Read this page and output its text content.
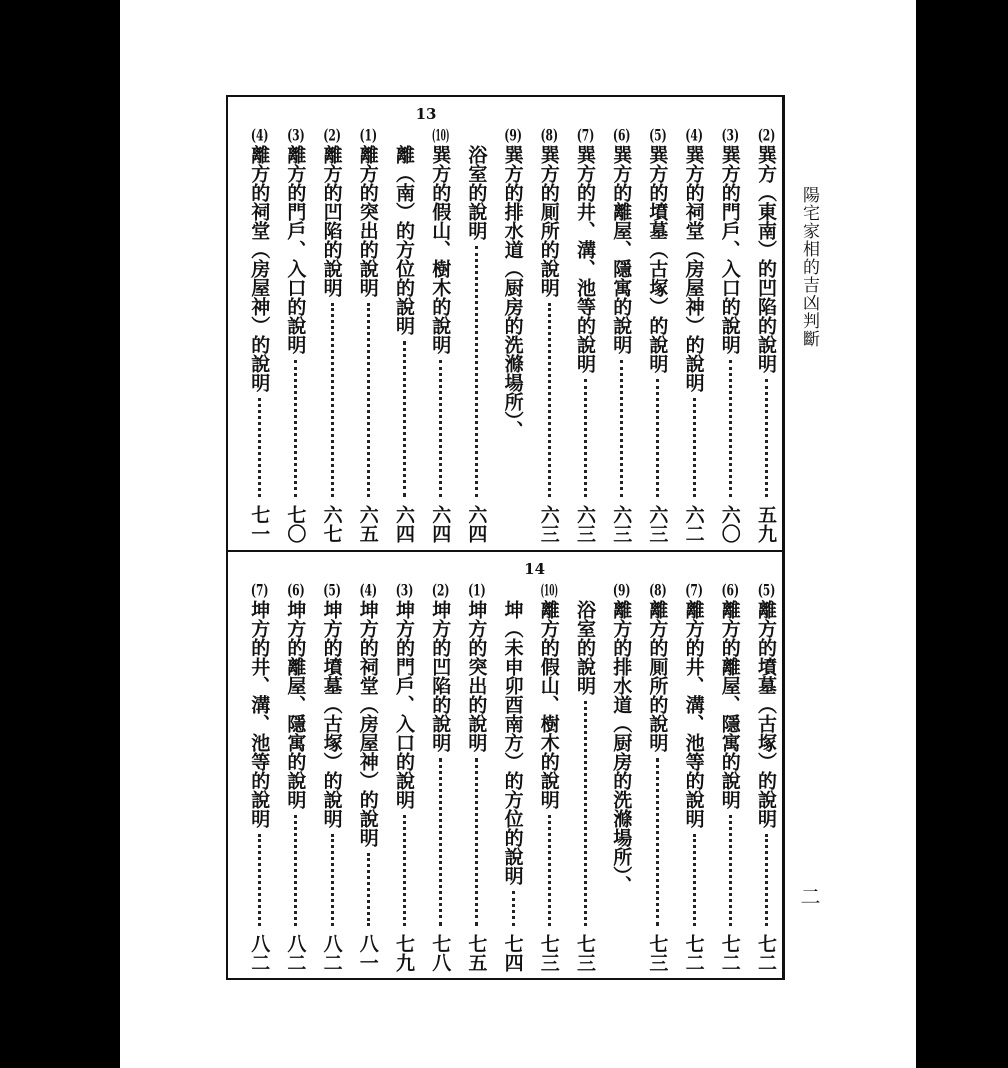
陽宅家相的吉凶判斷
二
13
(2)
巽方（東南）的凹陷的說明
五九
(3)
巽方的門戶、入口的說明
六〇
(4)
巽方的祠堂（房屋神）的說明
六二
(5)
巽方的墳墓（古塚）的說明
六三
(6)
巽方的離屋、隱寓的說明
六三
(7)
巽方的井、溝、池等的說明
六三
(8)
巽方的厠所的說明
六三
(9)
巽方的排水道（厨房的洗滌場所）、
浴室的說明
六四
(10)
巽方的假山、樹木的說明
六四
離（南）的方位的說明
六四
(1)
離方的突出的說明
六五
(2)
離方的凹陷的說明
六七
(3)
離方的門戶、入口的說明
七〇
(4)
離方的祠堂（房屋神）的說明
七一
14
(5)
離方的墳墓（古塚）的說明
七二
(6)
離方的離屋、隱寓的說明
七二
(7)
離方的井、溝、池等的說明
七二
(8)
離方的厠所的說明
七三
(9)
離方的排水道（厨房的洗滌場所）、
浴室的說明
七三
(10)
離方的假山、樹木的說明
七三
坤（未申卯酉南方）的方位的說明
七四
(1)
坤方的突出的說明
七五
(2)
坤方的凹陷的說明
七八
(3)
坤方的門戶、入口的說明
七九
(4)
坤方的祠堂（房屋神）的說明
八一
(5)
坤方的墳墓（古塚）的說明
八二
(6)
坤方的離屋、隱寓的說明
八二
(7)
坤方的井、溝、池等的說明
八二
